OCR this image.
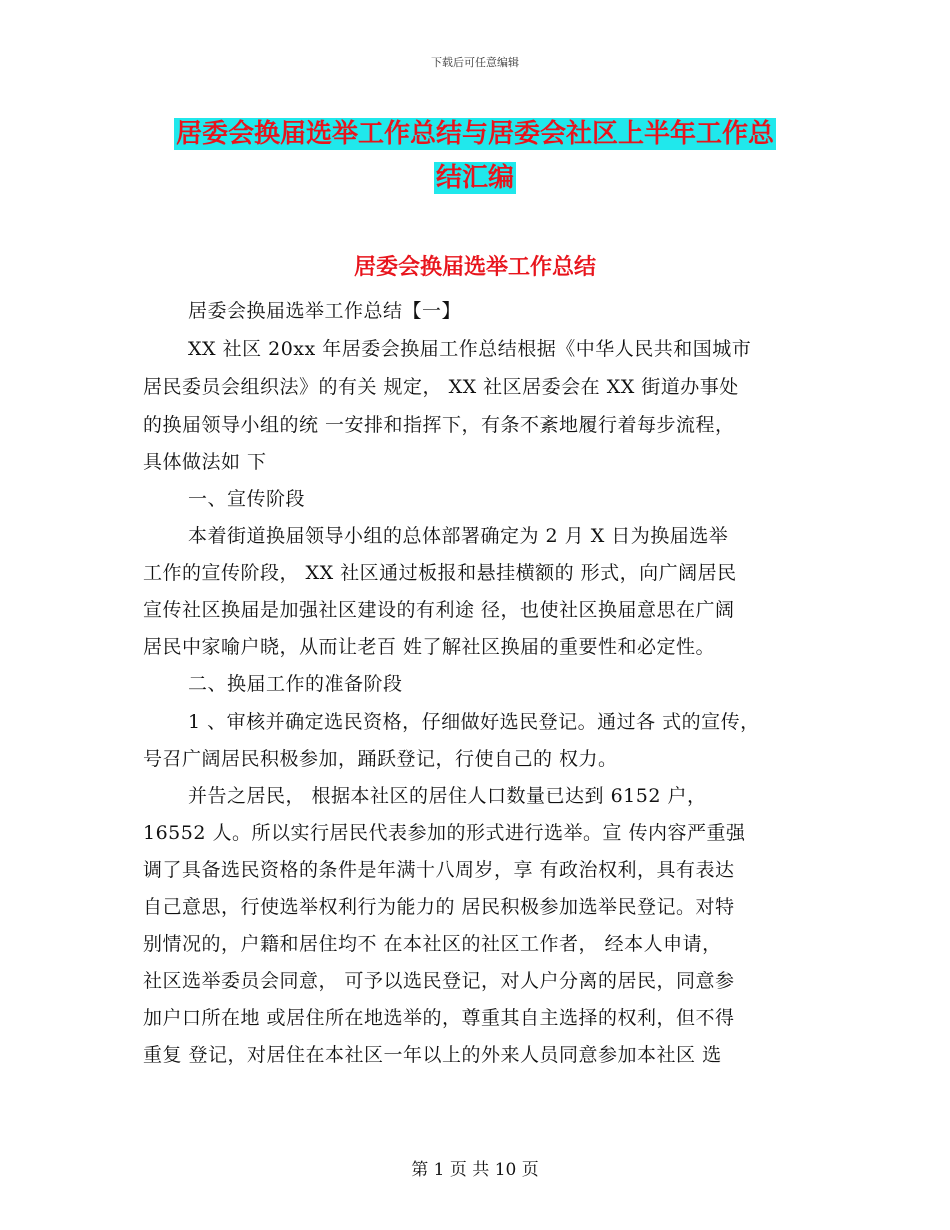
下载后可任意编辑
居委会换届选举工作总结与居委会社区上半年工作总
结汇编
居委会换届选举工作总结
居委会换届选举工作总结【一】
XX 社区 20xx 年居委会换届工作总结根据《中华人民共和国城市
居民委员会组织法》的有关 规定， XX 社区居委会在 XX 街道办事处
的换届领导小组的统 一安排和指挥下，有条不紊地履行着每步流程，
具体做法如 下
一、宣传阶段
本着街道换届领导小组的总体部署确定为 2 月 X 日为换届选举
工作的宣传阶段， XX 社区通过板报和悬挂横额的 形式，向广阔居民
宣传社区换届是加强社区建设的有利途 径，也使社区换届意思在广阔
居民中家喻户晓，从而让老百 姓了解社区换届的重要性和必定性。
二、换届工作的准备阶段
1 、审核并确定选民资格，仔细做好选民登记。通过各 式的宣传，
号召广阔居民积极参加，踊跃登记，行使自己的 权力。
并告之居民， 根据本社区的居住人口数量已达到 6152 户，
16552 人。所以实行居民代表参加的形式进行选举。宣 传内容严重强
调了具备选民资格的条件是年满十八周岁，享 有政治权利，具有表达
自己意思，行使选举权利行为能力的 居民积极参加选举民登记。对特
别情况的，户籍和居住均不 在本社区的社区工作者， 经本人申请，
社区选举委员会同意， 可予以选民登记，对人户分离的居民，同意参
加户口所在地 或居住所在地选举的，尊重其自主选择的权利，但不得
重复 登记，对居住在本社区一年以上的外来人员同意参加本社区 选
第 1 页 共 10 页
